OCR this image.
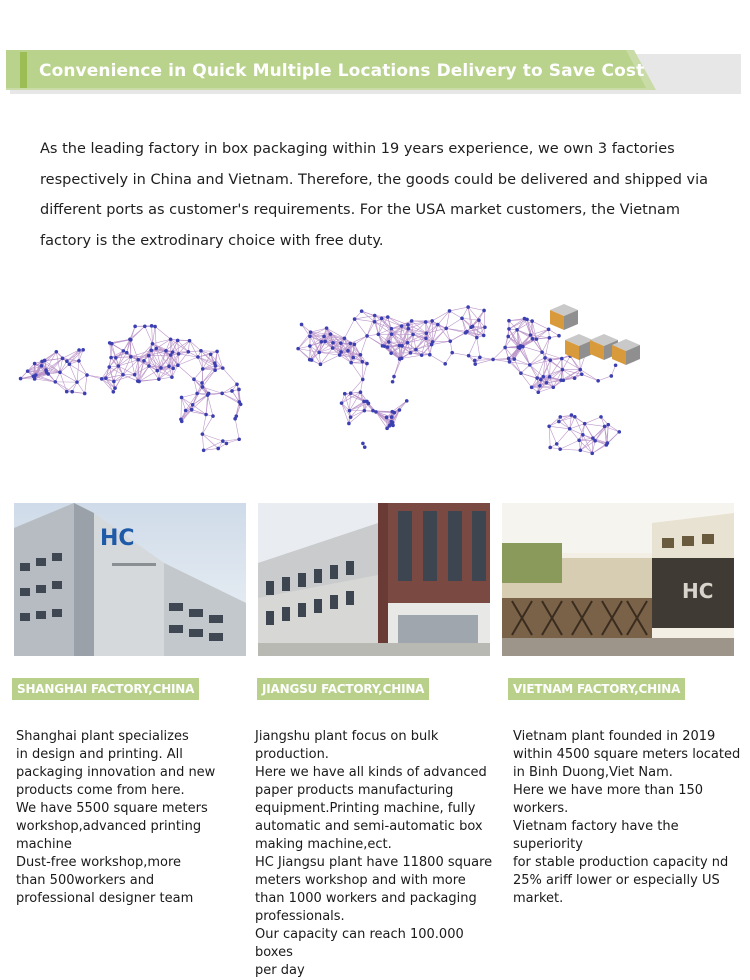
Convenience in Quick Multiple Locations Delivery to Save Cost

As the leading factory in box packaging within 19 years experience, we own 3 factories respectively in China and Vietnam. Therefore, the goods could be delivered and shipped via different ports as customer's requirements. For the USA market customers, the Vietnam factory is the extrodinary choice with free duty.

HC
HC
SHANGHAI FACTORY,CHINA	JIANGSU FACTORY,CHINA	VIETNAM FACTORY,CHINA

Shanghai plant specializes

in design and printing. All

packaging innovation and new

products come from here.

We have 5500 square meters

workshop,advanced printing

machine

Dust-free workshop,more

than 500workers and

professional designer team

Jiangshu plant focus on bulk

production.

Here we have all kinds of advanced

paper products manufacturing

equipment.Printing machine, fully

automatic and semi-automatic box

making machine,ect.

HC Jiangsu plant have 11800 square

meters workshop and with more

than 1000 workers and packaging

professionals.

Our capacity can reach 100.000 boxes

per day

Vietnam plant founded in 2019

within 4500 square meters located

in Binh Duong,Viet Nam.

Here we have more than 150

workers.

Vietnam factory have the superiority

for stable production capacity nd

25% ariff lower or especially US

market.
